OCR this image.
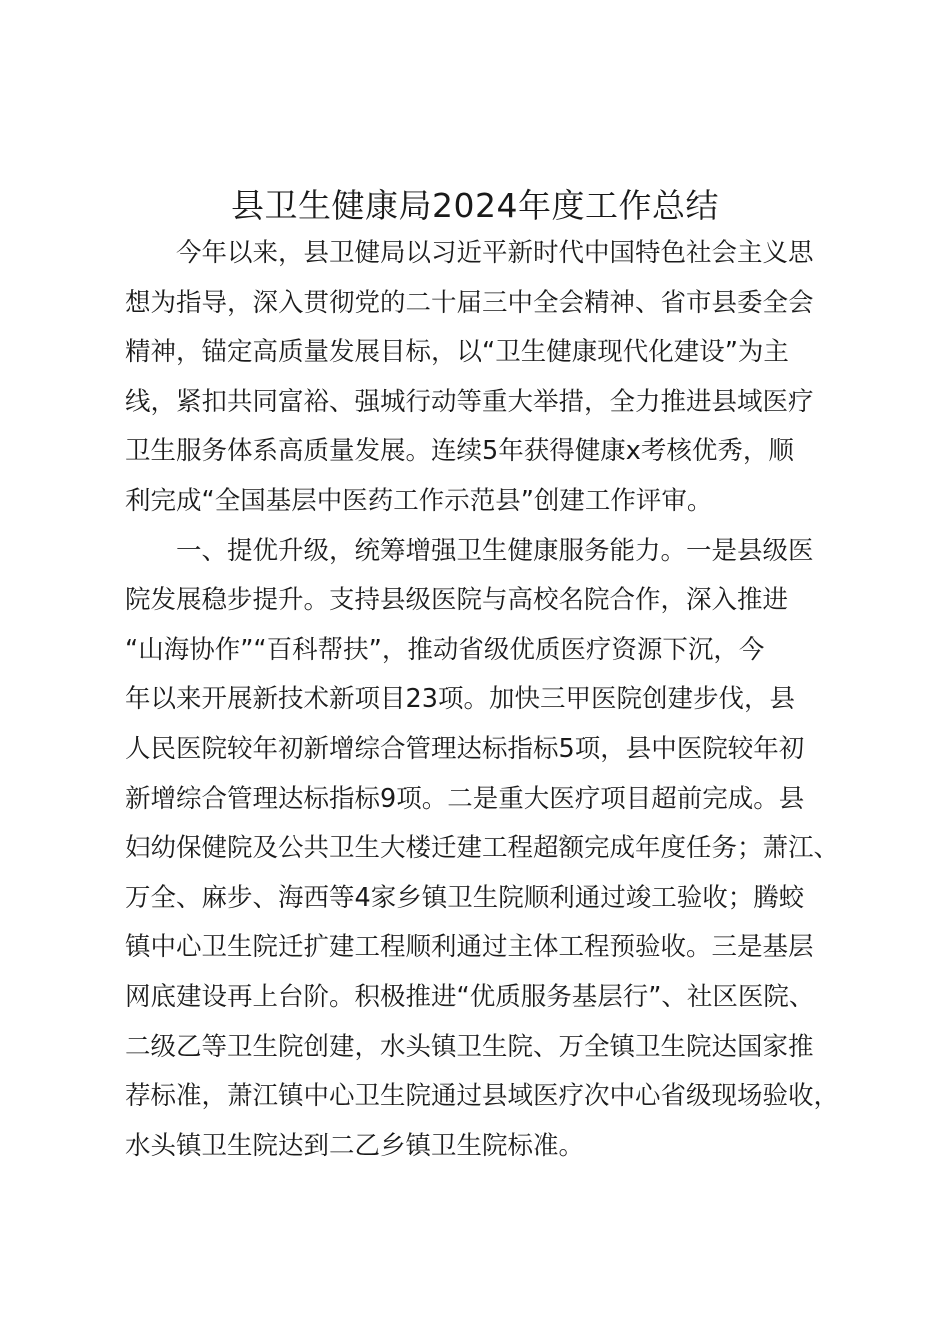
县卫生健康局2024年度工作总结
今年以来，县卫健局以习近平新时代中国特色社会主义思
想为指导，深入贯彻党的二十届三中全会精神、省市县委全会
精神，锚定高质量发展目标，以“卫生健康现代化建设”为主
线，紧扣共同富裕、强城行动等重大举措，全力推进县域医疗
卫生服务体系高质量发展。连续5年获得健康x考核优秀，顺
利完成“全国基层中医药工作示范县”创建工作评审。
一、提优升级，统筹增强卫生健康服务能力。一是县级医
院发展稳步提升。支持县级医院与高校名院合作，深入推进
“山海协作”“百科帮扶”，推动省级优质医疗资源下沉，今
年以来开展新技术新项目23项。加快三甲医院创建步伐，县
人民医院较年初新增综合管理达标指标5项，县中医院较年初
新增综合管理达标指标9项。二是重大医疗项目超前完成。县
妇幼保健院及公共卫生大楼迁建工程超额完成年度任务；萧江、
万全、麻步、海西等4家乡镇卫生院顺利通过竣工验收；腾蛟
镇中心卫生院迁扩建工程顺利通过主体工程预验收。三是基层
网底建设再上台阶。积极推进“优质服务基层行”、社区医院、
二级乙等卫生院创建，水头镇卫生院、万全镇卫生院达国家推
荐标准，萧江镇中心卫生院通过县域医疗次中心省级现场验收，
水头镇卫生院达到二乙乡镇卫生院标准。
